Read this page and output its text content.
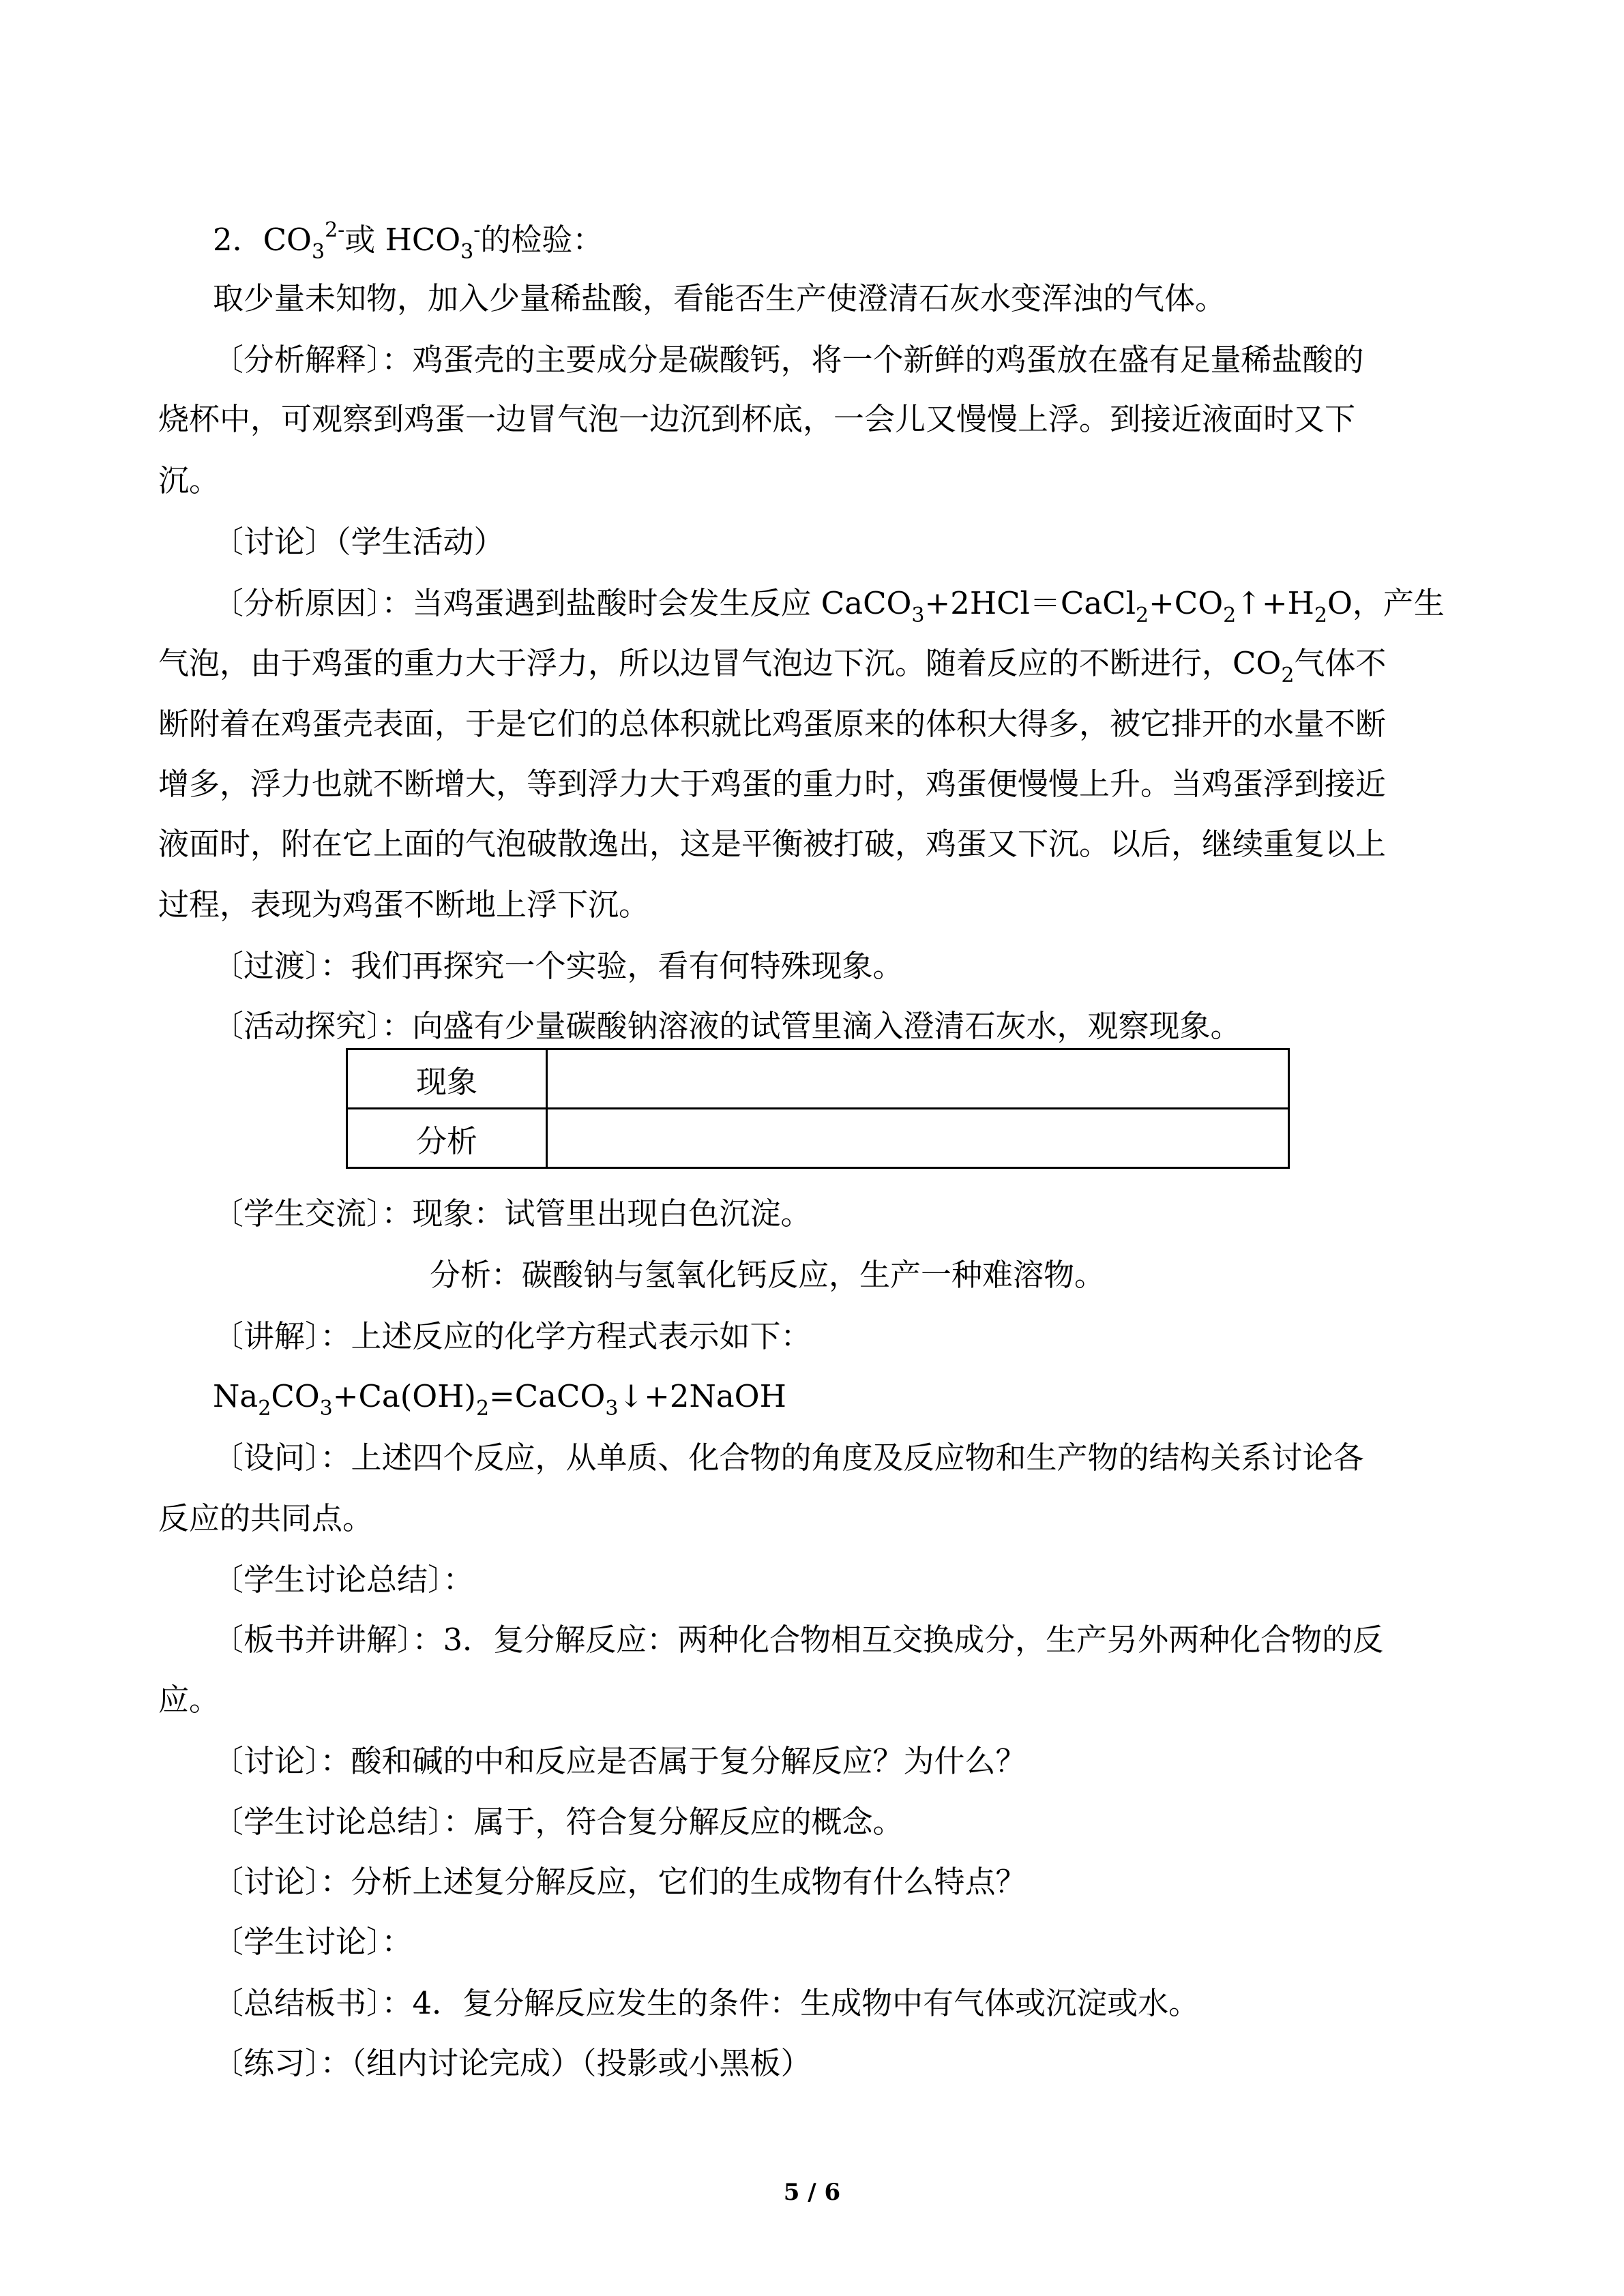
2．$CO_3^{2-}$或 $HCO_3^-$的检验：
取少量未知物，加入少量稀盐酸，看能否生产使澄清石灰水变浑浊的气体。
〔分析解释〕：鸡蛋壳的主要成分是碳酸钙，将一个新鲜的鸡蛋放在盛有足量稀盐酸的
烧杯中，可观察到鸡蛋一边冒气泡一边沉到杯底，一会儿又慢慢上浮。到接近液面时又下
沉。
〔讨论〕（学生活动）
〔分析原因〕：当鸡蛋遇到盐酸时会发生反应 $CaCO_3+2HCl=CaCl_2+CO_2↑+H_2O$，产生
气泡，由于鸡蛋的重力大于浮力，所以边冒气泡边下沉。随着反应的不断进行，$CO_2$气体不
断附着在鸡蛋壳表面，于是它们的总体积就比鸡蛋原来的体积大得多，被它排开的水量不断
增多，浮力也就不断增大，等到浮力大于鸡蛋的重力时，鸡蛋便慢慢上升。当鸡蛋浮到接近
液面时，附在它上面的气泡破散逸出，这是平衡被打破，鸡蛋又下沉。以后，继续重复以上
过程，表现为鸡蛋不断地上浮下沉。
〔过渡〕：我们再探究一个实验，看有何特殊现象。
〔活动探究〕：向盛有少量碳酸钠溶液的试管里滴入澄清石灰水，观察现象。
现象	
分析	
〔学生交流〕：现象：试管里出现白色沉淀。
分析：碳酸钠与氢氧化钙反应，生产一种难溶物。
〔讲解〕：上述反应的化学方程式表示如下：
$Na_2CO_3+Ca(OH)_2=CaCO_3↓+2NaOH$
〔设问〕：上述四个反应，从单质、化合物的角度及反应物和生产物的结构关系讨论各
反应的共同点。
〔学生讨论总结〕：
〔板书并讲解〕：3．复分解反应：两种化合物相互交换成分，生产另外两种化合物的反
应。
〔讨论〕：酸和碱的中和反应是否属于复分解反应？为什么？
〔学生讨论总结〕：属于，符合复分解反应的概念。
〔讨论〕：分析上述复分解反应，它们的生成物有什么特点？
〔学生讨论〕：
〔总结板书〕：4．复分解反应发生的条件：生成物中有气体或沉淀或水。
〔练习〕：（组内讨论完成）（投影或小黑板）
5 / 6
